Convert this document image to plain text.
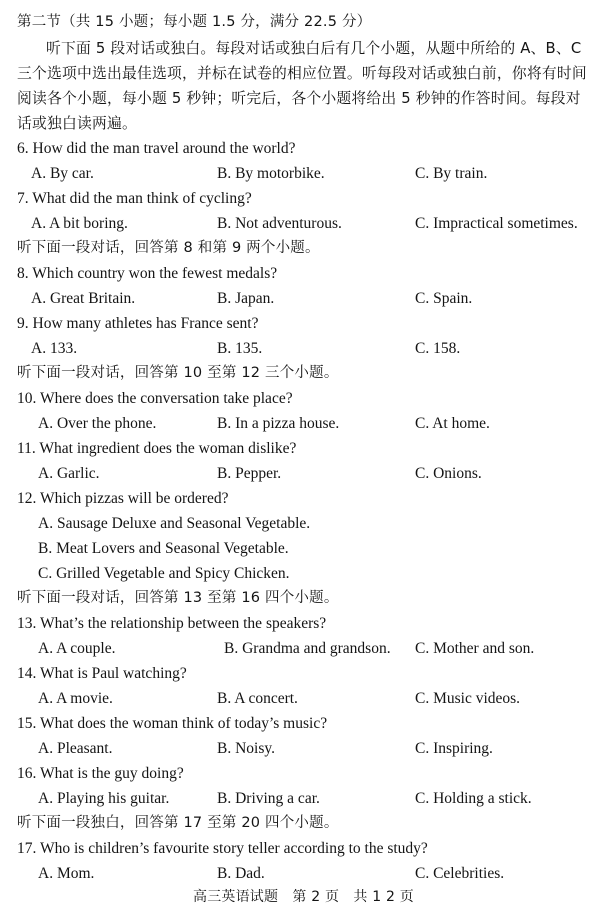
第二节（共 15 小题；每小题 1.5 分，满分 22.5 分）
听下面 5 段对话或独白。每段对话或独白后有几个小题，从题中所给的 A、B、C 三个选项中选出最佳选项，并标在试卷的相应位置。听每段对话或独白前，你将有时间阅读各个小题，每小题 5 秒钟；听完后，各个小题将给出 5 秒钟的作答时间。每段对话或独白读两遍。
6. How did the man travel around the world?
A. By car.	B. By motorbike.	C. By train.
7. What did the man think of cycling?
A. A bit boring.	B. Not adventurous.	C. Impractical sometimes.
听下面一段对话，回答第 8 和第 9 两个小题。
8. Which country won the fewest medals?
A. Great Britain.	B. Japan.	C. Spain.
9. How many athletes has France sent?
A. 133.	B. 135.	C. 158.
听下面一段对话，回答第 10 至第 12 三个小题。
10. Where does the conversation take place?
A. Over the phone.	B. In a pizza house.	C. At home.
11. What ingredient does the woman dislike?
A. Garlic.	B. Pepper.	C. Onions.
12. Which pizzas will be ordered?
A. Sausage Deluxe and Seasonal Vegetable.
B. Meat Lovers and Seasonal Vegetable.
C. Grilled Vegetable and Spicy Chicken.
听下面一段对话，回答第 13 至第 16 四个小题。
13. What’s the relationship between the speakers?
A. A couple.	B. Grandma and grandson. C. Mother and son.
14. What is Paul watching?
A. A movie.	B. A concert.	C. Music videos.
15. What does the woman think of today’s music?
A. Pleasant.	B. Noisy.	C. Inspiring.
16. What is the guy doing?
A. Playing his guitar.	B. Driving a car.	C. Holding a stick.
听下面一段独白，回答第 17 至第 20 四个小题。
17. Who is children’s favourite story teller according to the study?
A. Mom.	B. Dad.	C. Celebrities.
高三英语试题　第 2 页　共 1 2 页
